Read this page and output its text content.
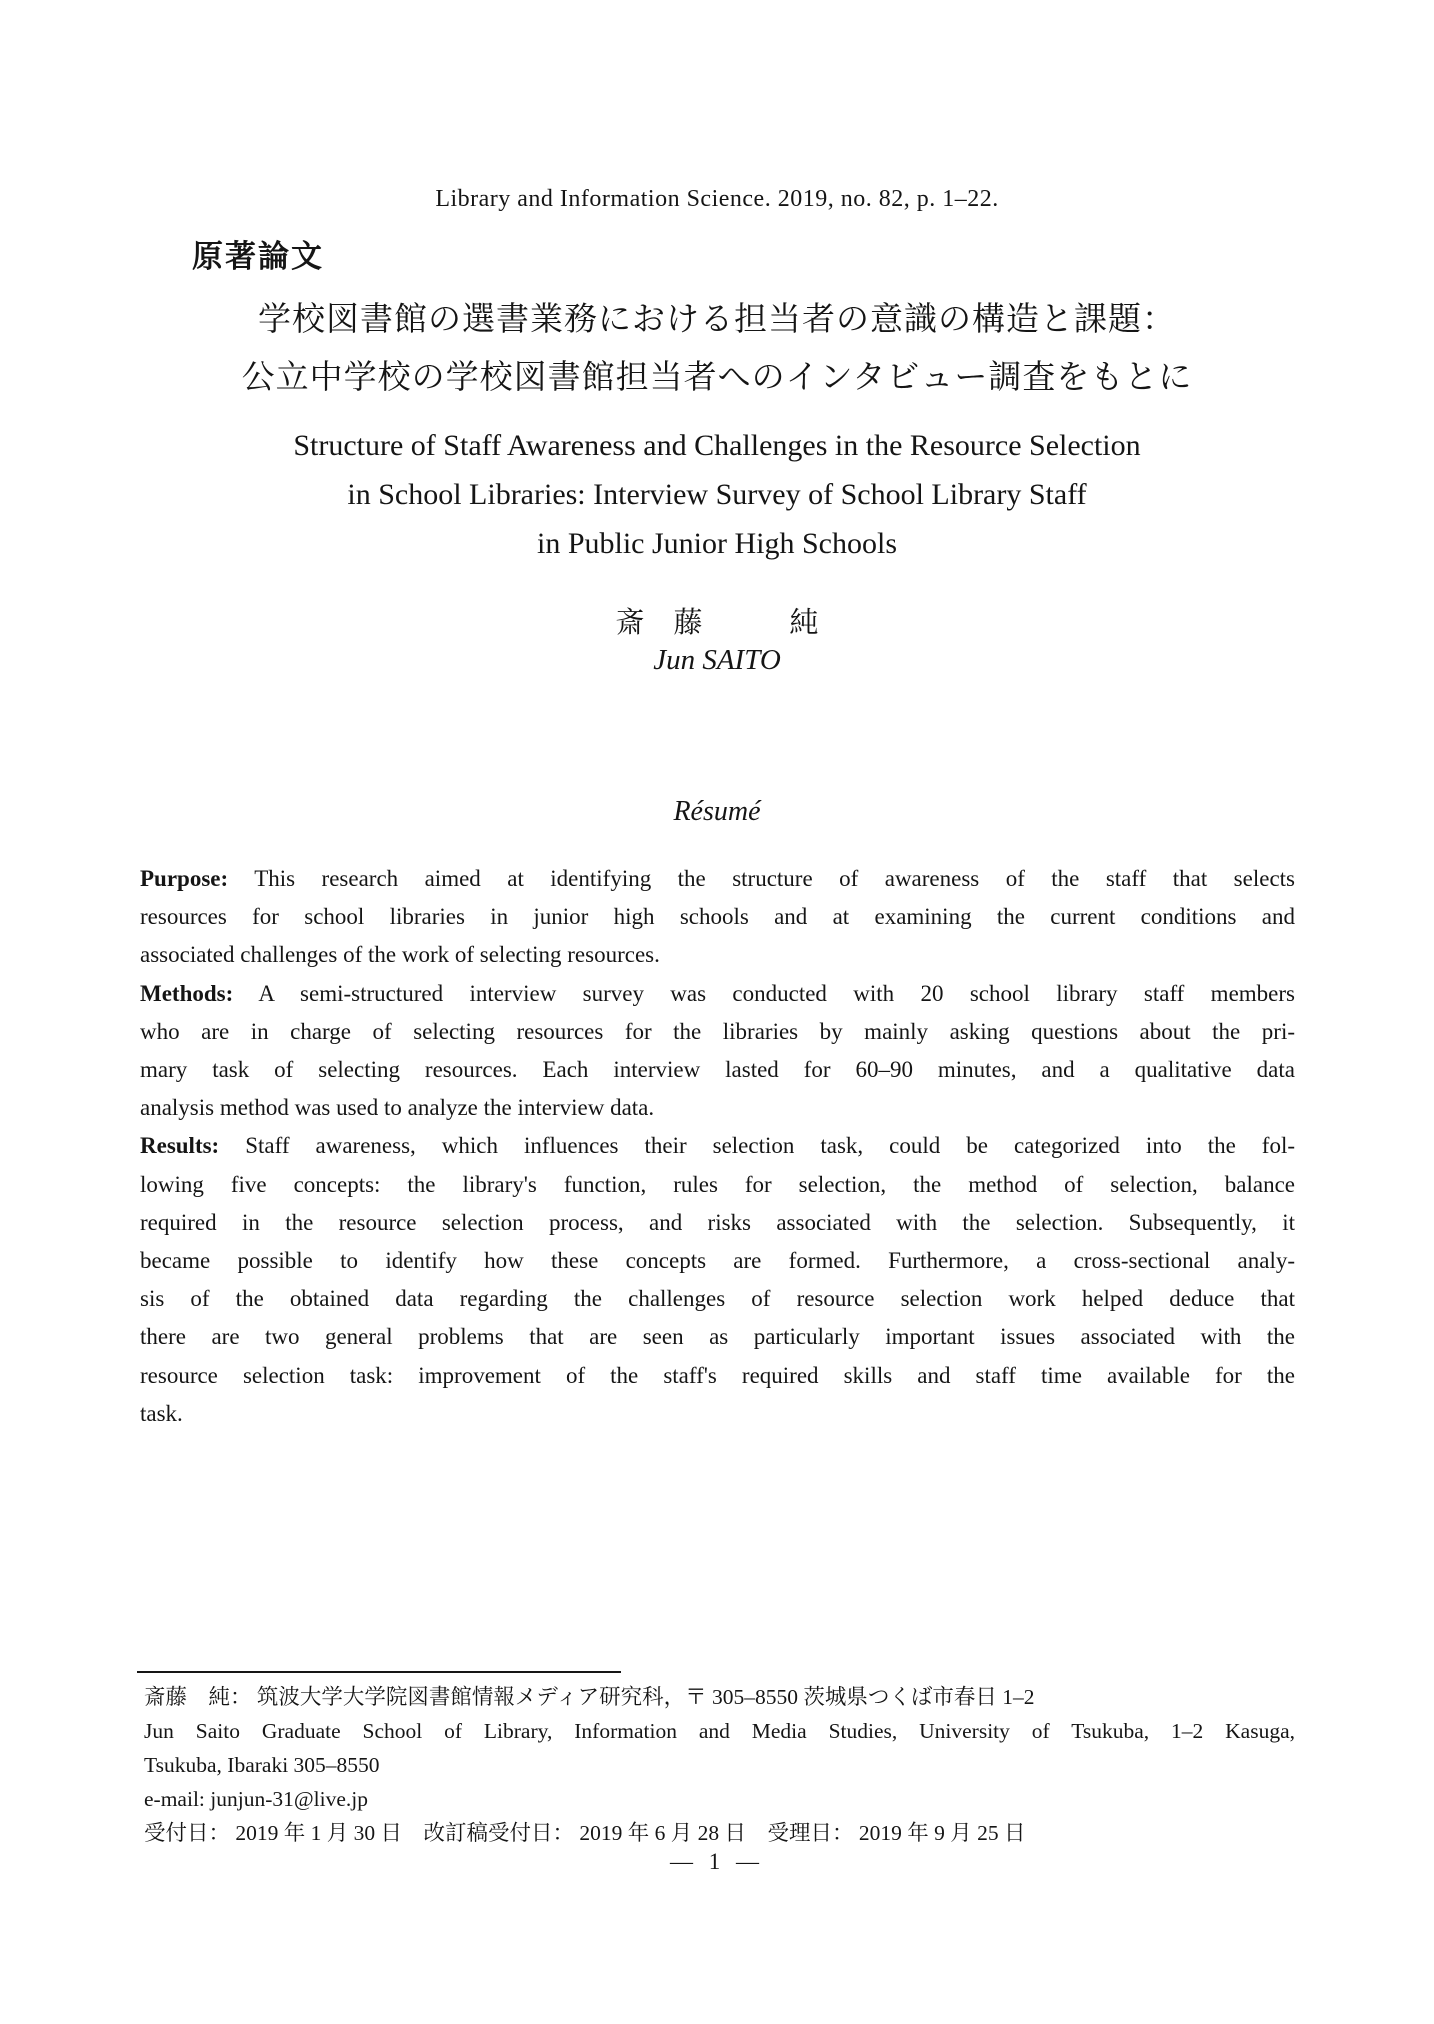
Library and Information Science. 2019, no. 82, p. 1–22.
原著論文
学校図書館の選書業務における担当者の意識の構造と課題：
公立中学校の学校図書館担当者へのインタビュー調査をもとに
Structure of Staff Awareness and Challenges in the Resource Selection
in School Libraries: Interview Survey of School Library Staff
in Public Junior High Schools
斎　藤　　　純
Jun SAITO
Résumé
Purpose: This research aimed at identifying the structure of awareness of the staff that selects
resources for school libraries in junior high schools and at examining the current conditions and
associated challenges of the work of selecting resources.
Methods: A semi-structured interview survey was conducted with 20 school library staff members
who are in charge of selecting resources for the libraries by mainly asking questions about the pri-
mary task of selecting resources. Each interview lasted for 60–90 minutes, and a qualitative data
analysis method was used to analyze the interview data.
Results: Staff awareness, which influences their selection task, could be categorized into the fol-
lowing five concepts: the library's function, rules for selection, the method of selection, balance
required in the resource selection process, and risks associated with the selection. Subsequently, it
became possible to identify how these concepts are formed. Furthermore, a cross-sectional analy-
sis of the obtained data regarding the challenges of resource selection work helped deduce that
there are two general problems that are seen as particularly important issues associated with the
resource selection task: improvement of the staff's required skills and staff time available for the
task.
斎藤　純： 筑波大学大学院図書館情報メディア研究科，〒 305–8550 茨城県つくば市春日 1–2
Jun Saito Graduate School of Library, Information and Media Studies, University of Tsukuba, 1–2 Kasuga,
Tsukuba, Ibaraki 305–8550
e-mail: junjun-31@live.jp
受付日： 2019 年 1 月 30 日　改訂稿受付日： 2019 年 6 月 28 日　受理日： 2019 年 9 月 25 日
— 1 —
